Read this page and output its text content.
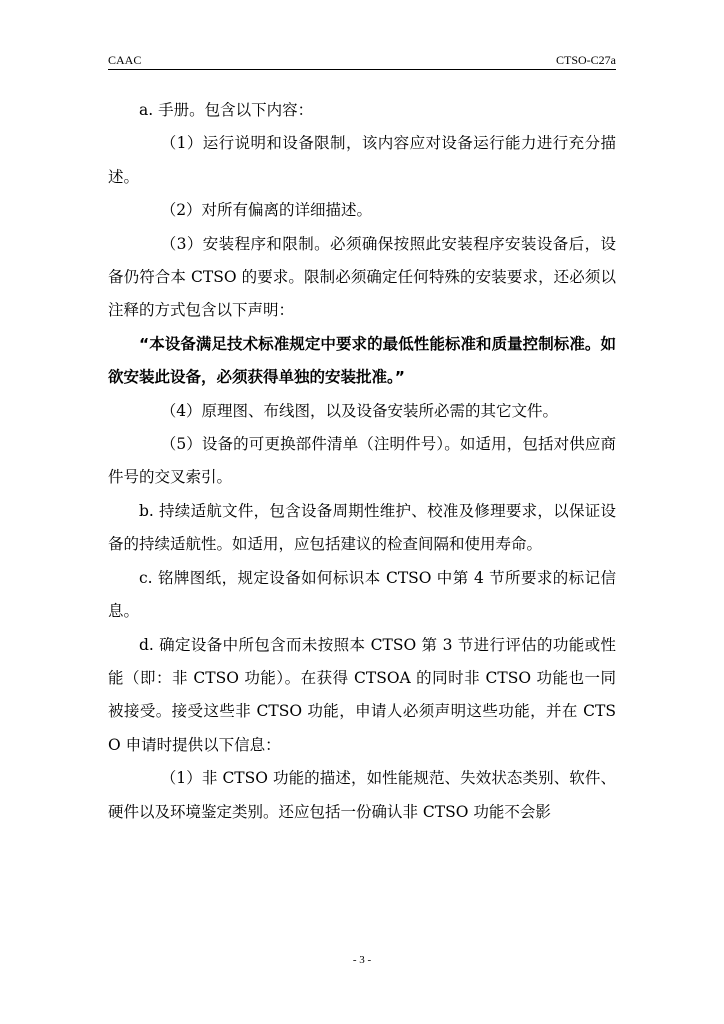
CAAC	CTSO-C27a

a. 手册。包含以下内容：

（1）运行说明和设备限制，该内容应对设备运行能力进行充分描述。

（2）对所有偏离的详细描述。

（3）安装程序和限制。必须确保按照此安装程序安装设备后，设备仍符合本 CTSO 的要求。限制必须确定任何特殊的安装要求，还必须以注释的方式包含以下声明：

“本设备满足技术标准规定中要求的最低性能标准和质量控制标准。如欲安装此设备，必须获得单独的安装批准。”

（4）原理图、布线图，以及设备安装所必需的其它文件。

（5）设备的可更换部件清单（注明件号）。如适用，包括对供应商件号的交叉索引。

b. 持续适航文件，包含设备周期性维护、校准及修理要求，以保证设备的持续适航性。如适用，应包括建议的检查间隔和使用寿命。

c. 铭牌图纸，规定设备如何标识本 CTSO 中第 4 节所要求的标记信息。

d. 确定设备中所包含而未按照本 CTSO 第 3 节进行评估的功能或性能（即：非 CTSO 功能）。在获得 CTSOA 的同时非 CTSO 功能也一同被接受。接受这些非 CTSO 功能，申请人必须声明这些功能，并在 CTSO 申请时提供以下信息：

（1）非 CTSO 功能的描述，如性能规范、失效状态类别、软件、硬件以及环境鉴定类别。还应包括一份确认非 CTSO 功能不会影

- 3 -
